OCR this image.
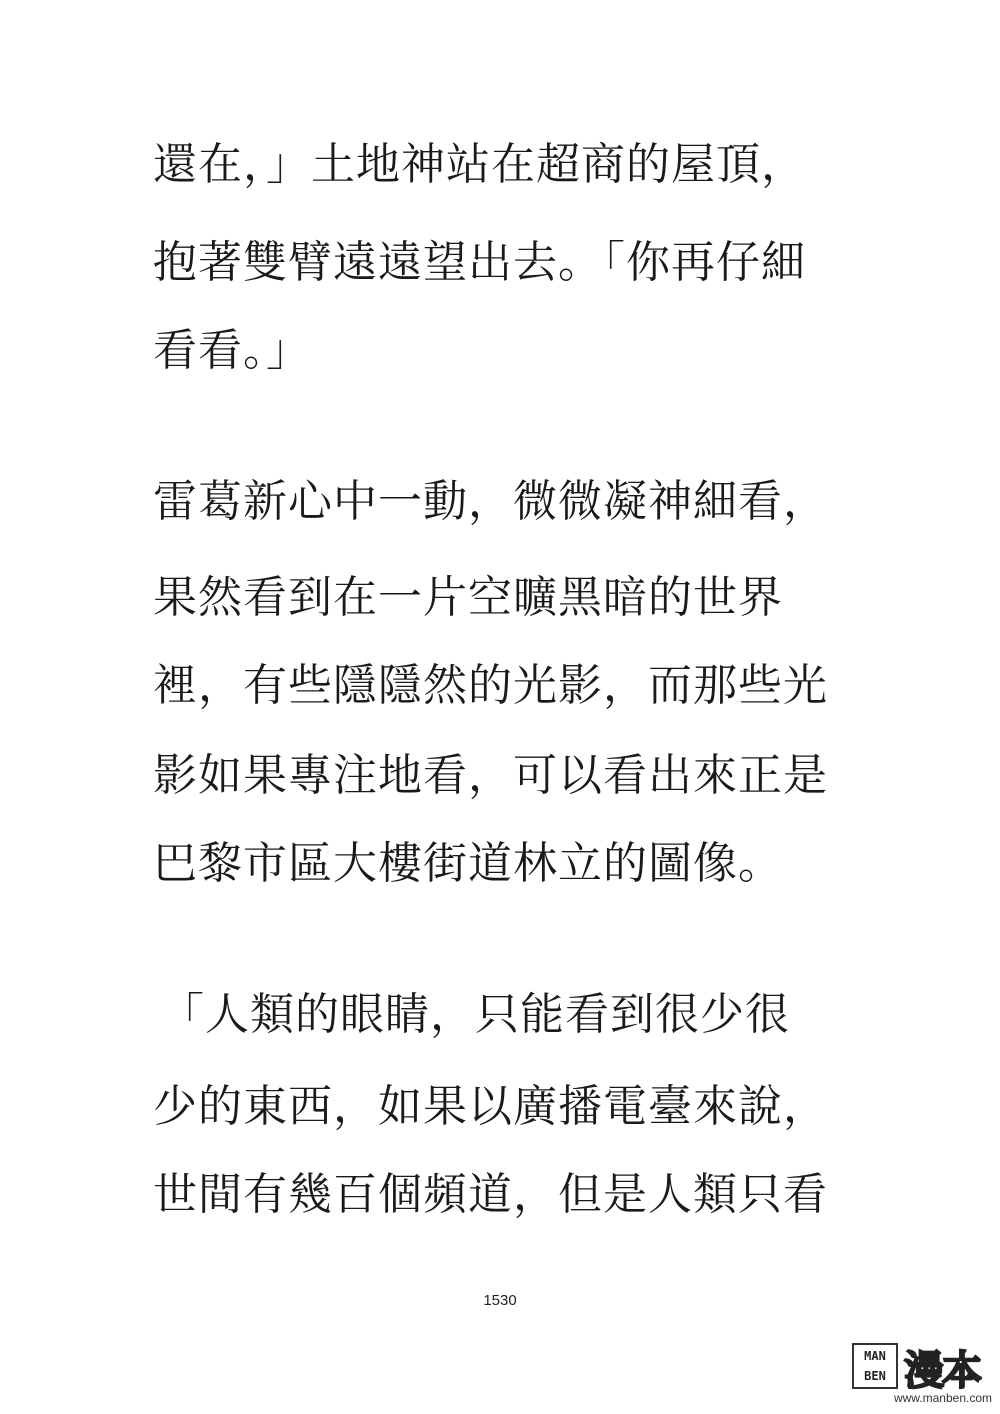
還在，」土地神站在超商的屋頂，
抱著雙臂遠遠望出去。「你再仔細
看看。」
雷葛新心中一動，微微凝神細看，
果然看到在一片空曠黑暗的世界
裡，有些隱隱然的光影，而那些光
影如果專注地看，可以看出來正是
巴黎市區大樓街道林立的圖像。
「人類的眼睛，只能看到很少很
少的東西，如果以廣播電臺來說，
世間有幾百個頻道，但是人類只看
1530
MAN
BEN 漫本
www.manben.com
